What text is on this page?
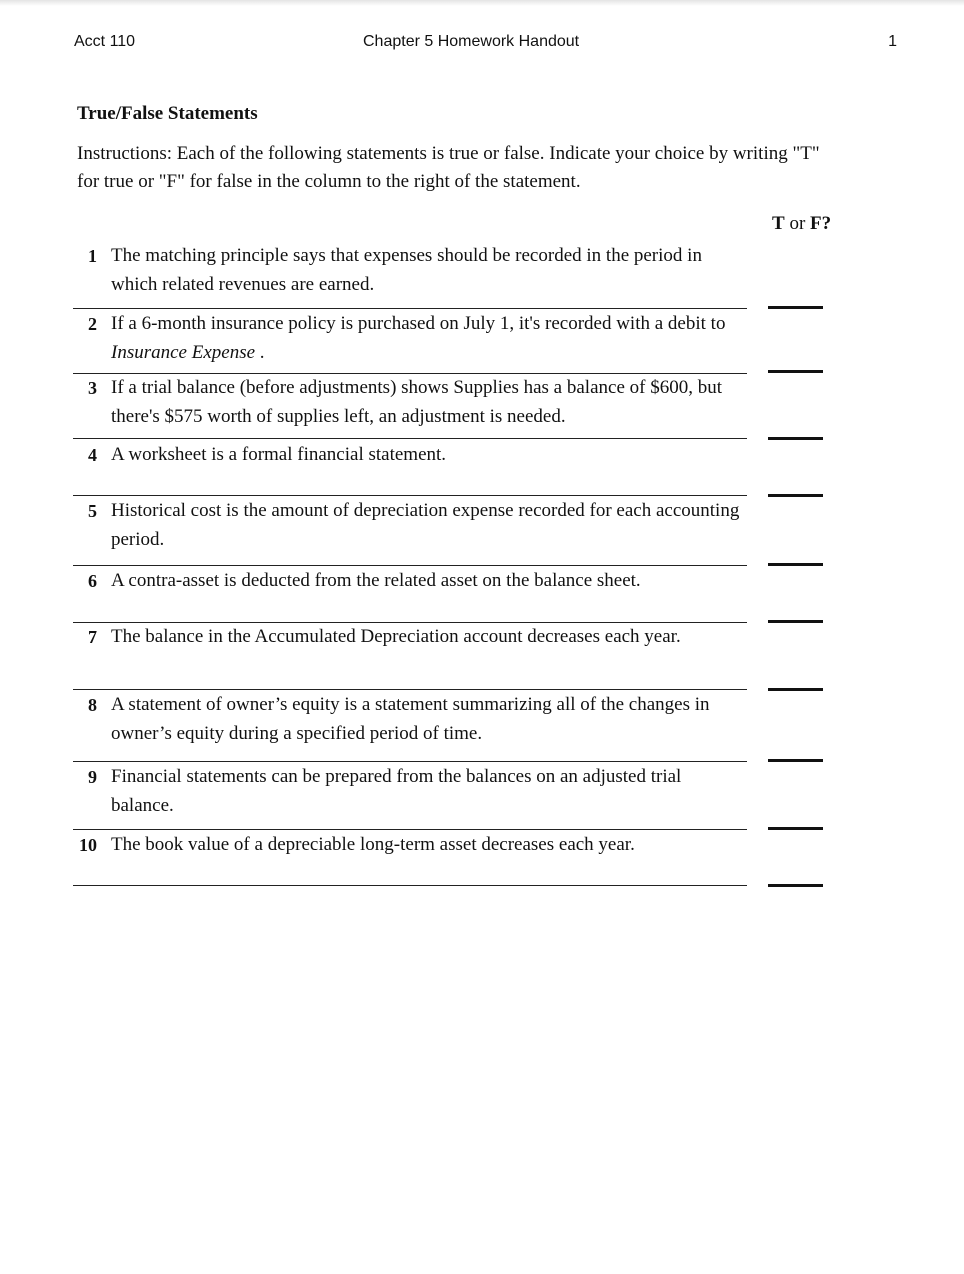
Acct 110	Chapter 5 Homework Handout	1
True/False Statements
Instructions: Each of the following statements is true or false. Indicate your choice by writing "T" for true or "F" for false in the column to the right of the statement.
T or F?
1 The matching principle says that expenses should be recorded in the period in which related revenues are earned.
2 If a 6-month insurance policy is purchased on July 1, it's recorded with a debit to Insurance Expense .
3 If a trial balance (before adjustments) shows Supplies has a balance of $600, but there's $575 worth of supplies left, an adjustment is needed.
4 A worksheet is a formal financial statement.
5 Historical cost is the amount of depreciation expense recorded for each accounting period.
6 A contra-asset is deducted from the related asset on the balance sheet.
7 The balance in the Accumulated Depreciation account decreases each year.
8 A statement of owner’s equity is a statement summarizing all of the changes in owner’s equity during a specified period of time.
9 Financial statements can be prepared from the balances on an adjusted trial balance.
10 The book value of a depreciable long-term asset decreases each year.
